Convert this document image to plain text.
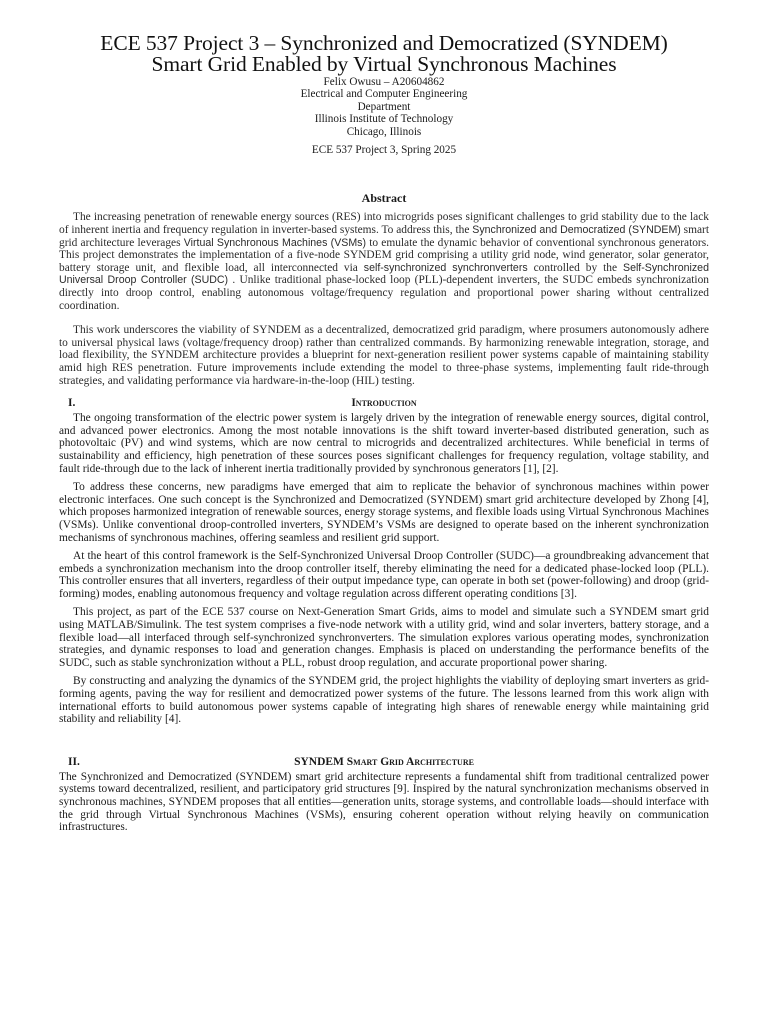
ECE 537 Project 3 – Synchronized and Democratized (SYNDEM)
Smart Grid Enabled by Virtual Synchronous Machines
Felix Owusu – A20604862
Electrical and Computer Engineering
Department
Illinois Institute of Technology
Chicago, Illinois
ECE 537 Project 3, Spring 2025
Abstract

The increasing penetration of renewable energy sources (RES) into microgrids poses significant challenges to grid stability due to the lack of inherent inertia and frequency regulation in inverter-based systems. To address this, the Synchronized and Democratized (SYNDEM) smart grid architecture leverages Virtual Synchronous Machines (VSMs) to emulate the dynamic behavior of conventional synchronous generators. This project demonstrates the implementation of a five-node SYNDEM grid comprising a utility grid node, wind generator, solar generator, battery storage unit, and flexible load, all interconnected via self-synchronized synchronverters controlled by the Self-Synchronized Universal Droop Controller (SUDC) . Unlike traditional phase-locked loop (PLL)-dependent inverters, the SUDC embeds synchronization directly into droop control, enabling autonomous voltage/frequency regulation and proportional power sharing without centralized coordination.

This work underscores the viability of SYNDEM as a decentralized, democratized grid paradigm, where prosumers autonomously adhere to universal physical laws (voltage/frequency droop) rather than centralized commands. By harmonizing renewable integration, storage, and load flexibility, the SYNDEM architecture provides a blueprint for next-generation resilient power systems capable of maintaining stability amid high RES penetration. Future improvements include extending the model to three-phase systems, implementing fault ride-through strategies, and validating performance via hardware-in-the-loop (HIL) testing.

I.	Introduction

The ongoing transformation of the electric power system is largely driven by the integration of renewable energy sources, digital control, and advanced power electronics. Among the most notable innovations is the shift toward inverter-based distributed generation, such as photovoltaic (PV) and wind systems, which are now central to microgrids and decentralized architectures. While beneficial in terms of sustainability and efficiency, high penetration of these sources poses significant challenges for frequency regulation, voltage stability, and fault ride-through due to the lack of inherent inertia traditionally provided by synchronous generators [1], [2].

To address these concerns, new paradigms have emerged that aim to replicate the behavior of synchronous machines within power electronic interfaces. One such concept is the Synchronized and Democratized (SYNDEM) smart grid architecture developed by Zhong [4], which proposes harmonized integration of renewable sources, energy storage systems, and flexible loads using Virtual Synchronous Machines (VSMs). Unlike conventional droop-controlled inverters, SYNDEM’s VSMs are designed to operate based on the inherent synchronization mechanisms of synchronous machines, offering seamless and resilient grid support.

At the heart of this control framework is the Self-Synchronized Universal Droop Controller (SUDC)—a groundbreaking advancement that embeds a synchronization mechanism into the droop controller itself, thereby eliminating the need for a dedicated phase-locked loop (PLL). This controller ensures that all inverters, regardless of their output impedance type, can operate in both set (power-following) and droop (grid-forming) modes, enabling autonomous frequency and voltage regulation across different operating conditions [3].

This project, as part of the ECE 537 course on Next-Generation Smart Grids, aims to model and simulate such a SYNDEM smart grid using MATLAB/Simulink. The test system comprises a five-node network with a utility grid, wind and solar inverters, battery storage, and a flexible load—all interfaced through self-synchronized synchronverters. The simulation explores various operating modes, synchronization strategies, and dynamic responses to load and generation changes. Emphasis is placed on understanding the performance benefits of the SUDC, such as stable synchronization without a PLL, robust droop regulation, and accurate proportional power sharing.

By constructing and analyzing the dynamics of the SYNDEM grid, the project highlights the viability of deploying smart inverters as grid-forming agents, paving the way for resilient and democratized power systems of the future. The lessons learned from this work align with international efforts to build autonomous power systems capable of integrating high shares of renewable energy while maintaining grid stability and reliability [4].

II.	SYNDEM Smart Grid Architecture

The Synchronized and Democratized (SYNDEM) smart grid architecture represents a fundamental shift from traditional centralized power systems toward decentralized, resilient, and participatory grid structures [9]. Inspired by the natural synchronization mechanisms observed in synchronous machines, SYNDEM proposes that all entities—generation units, storage systems, and controllable loads—should interface with the grid through Virtual Synchronous Machines (VSMs), ensuring coherent operation without relying heavily on communication infrastructures.
